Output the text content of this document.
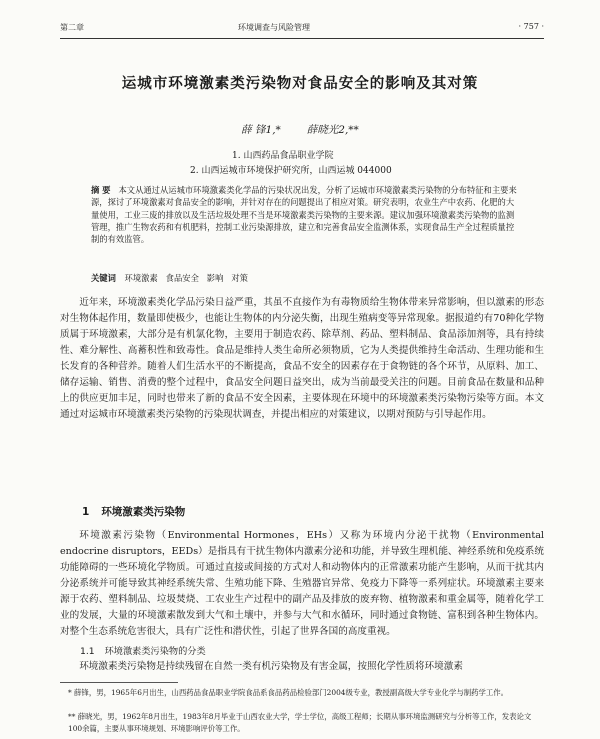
第二章	环境调查与风险管理	· 757 ·
运城市环境激素类污染物对食品安全的影响及其对策
薛 锋1,* 薛晓光2,**
1. 山西药品食品职业学院
2. 山西运城市环境保护研究所，山西运城 044000
摘 要 本文从通过从运城市环境激素类化学品的污染状况出发，分析了运城市环境激素类污染物的分布特征和主要来源，探讨了环境激素对食品安全的影响，并针对存在的问题提出了相应对策。研究表明，农业生产中农药、化肥的大量使用，工业三废的排放以及生活垃圾处理不当是环境激素类污染物的主要来源。建议加强环境激素类污染物的监测管理，推广生物农药和有机肥料，控制工业污染源排放，建立和完善食品安全监测体系，实现食品生产全过程质量控制的有效监管。
关键词 环境激素 食品安全 影响 对策
近年来，环境激素类化学品污染日益严重，其虽不直接作为有毒物质给生物体带来异常影响，但以激素的形态对生物体起作用，数量即使极少，也能让生物体的内分泌失衡，出现生殖病变等异常现象。据报道约有70种化学物质属于环境激素，大部分是有机氯化物，主要用于制造农药、除草剂、药品、塑料制品、食品添加剂等，具有持续性、难分解性、高蓄积性和致毒性。食品是维持人类生命所必须物质，它为人类提供维持生命活动、生理功能和生长发育的各种营养。随着人们生活水平的不断提高，食品不安全的因素存在于食物链的各个环节，从原料、加工、储存运输、销售、消费的整个过程中，食品安全问题日益突出，成为当前最受关注的问题。目前食品在数量和品种上的供应更加丰足，同时也带来了新的食品不安全因素，主要体现在环境中的环境激素类污染物污染等方面。本文通过对运城市环境激素类污染物的污染现状调查，并提出相应的对策建议，以期对预防与引导起作用。
1 环境激素类污染物
环境激素污染物（Environmental Hormones，EHs）又称为环境内分泌干扰物（Environmental endocrine disruptors，EEDs）是指具有干扰生物体内激素分泌和功能，并导致生理机能、神经系统和免疫系统功能障碍的一些环境化学物质。可通过直接或间接的方式对人和动物体内的正常激素功能产生影响，从而干扰其内分泌系统并可能导致其神经系统失常、生殖功能下降、生殖器官异常、免疫力下降等一系列症状。环境激素主要来源于农药、塑料制品、垃圾焚烧、工农业生产过程中的副产品及排放的废弃物、植物激素和重金属等，随着化学工业的发展，大量的环境激素散发到大气和土壤中，并参与大气和水循环，同时通过食物链、富积到各种生物体内。对整个生态系统危害很大，具有广泛性和潜伏性，引起了世界各国的高度重视。
1.1 环境激素类污染物的分类
环境激素类污染物是持续残留在自然一类有机污染物及有害金属，按照化学性质将环境激素
* 薛锋，男，1965年6月出生，山西药品食品职业学院食品系食品药品检验部门2004级专业，教授副高级大学专业化学与制药学工作。
** 薛晓光，男，1962年8月出生，1983年8月毕业于山西农业大学，学士学位，高级工程师；长期从事环境监测研究与分析等工作，发表论文100余篇，主要从事环境规划、环境影响评价等工作。
